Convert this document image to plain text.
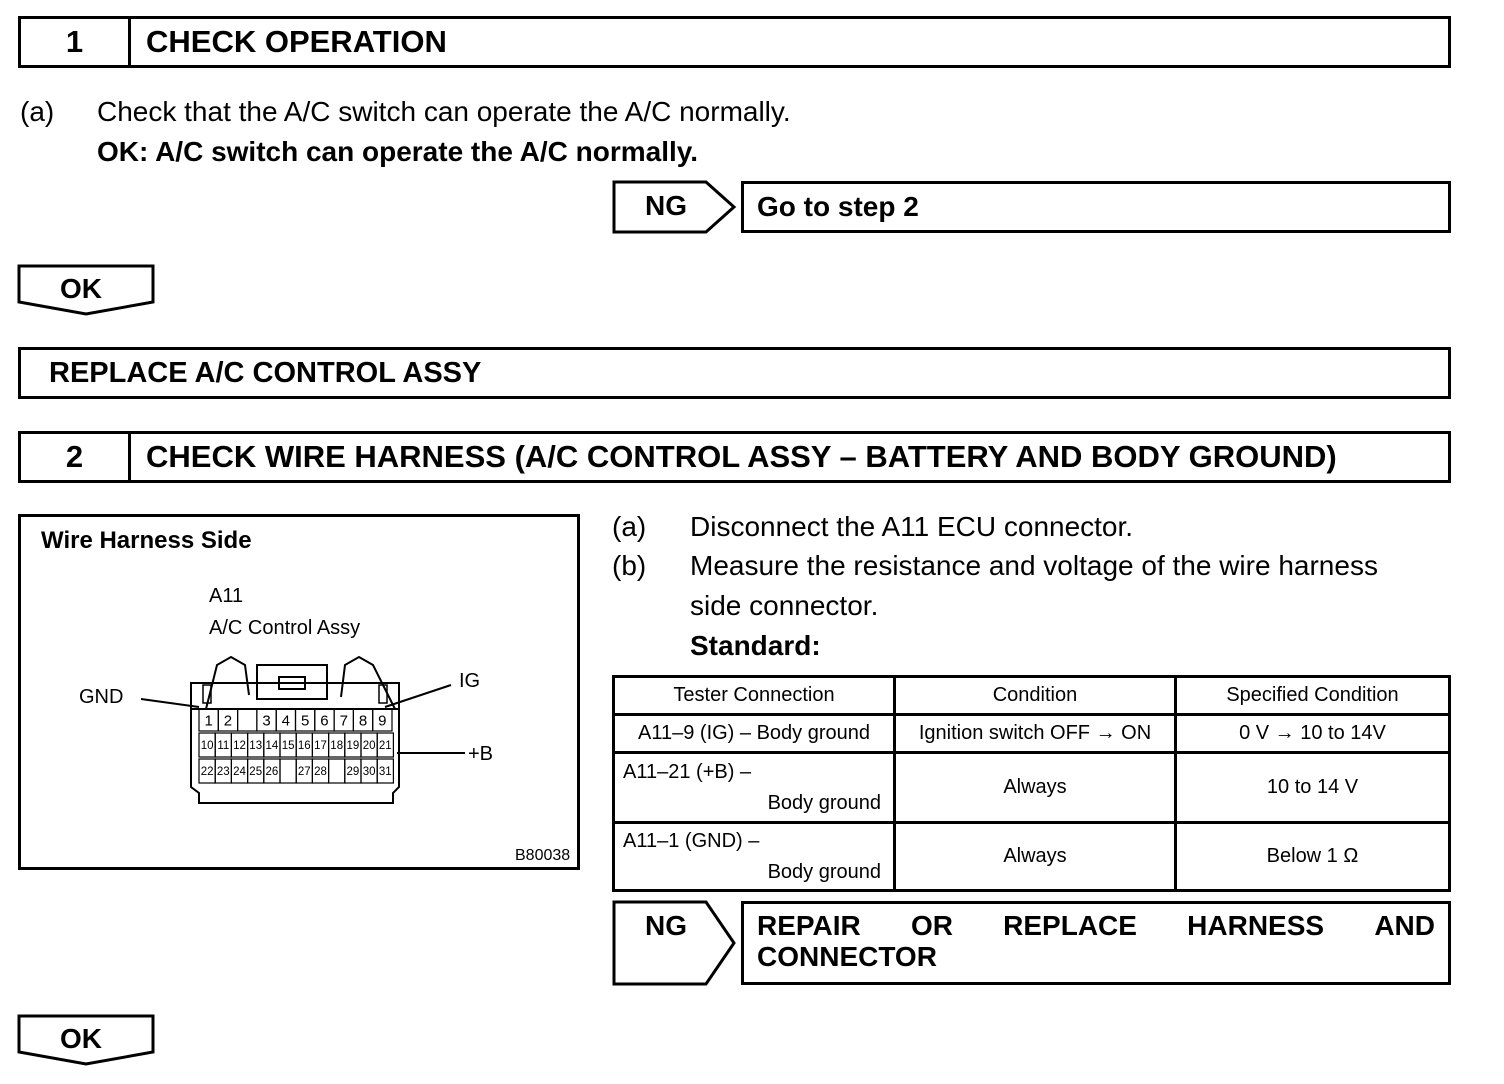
1	CHECK OPERATION
(a) Check that the A/C switch can operate the A/C normally.
OK: A/C switch can operate the A/C normally.
NG	Go to step 2
OK
REPLACE A/C CONTROL ASSY
2	CHECK WIRE HARNESS (A/C CONTROL ASSY – BATTERY AND BODY GROUND)
Wire Harness Side
A11
A/C Control Assy
GND
IG
+B
B80038
1 2 3 4 5 6 7 8 9
10 11 12 13 14 15 16 17 18 19 20 21
22 23 24 25 26 27 28 29 30 31
(a) Disconnect the A11 ECU connector.
(b) Measure the resistance and voltage of the wire harness
side connector.
Standard:
Tester Connection	Condition	Specified Condition
A11–9 (IG) – Body ground	Ignition switch OFF → ON	0 V → 10 to 14V

A11–21 (+B) –
Body ground	Always	10 to 14 V

A11–1 (GND) –
Body ground	Always	Below 1 Ω
NG	REPAIR OR REPLACE HARNESS AND
CONNECTOR
OK
